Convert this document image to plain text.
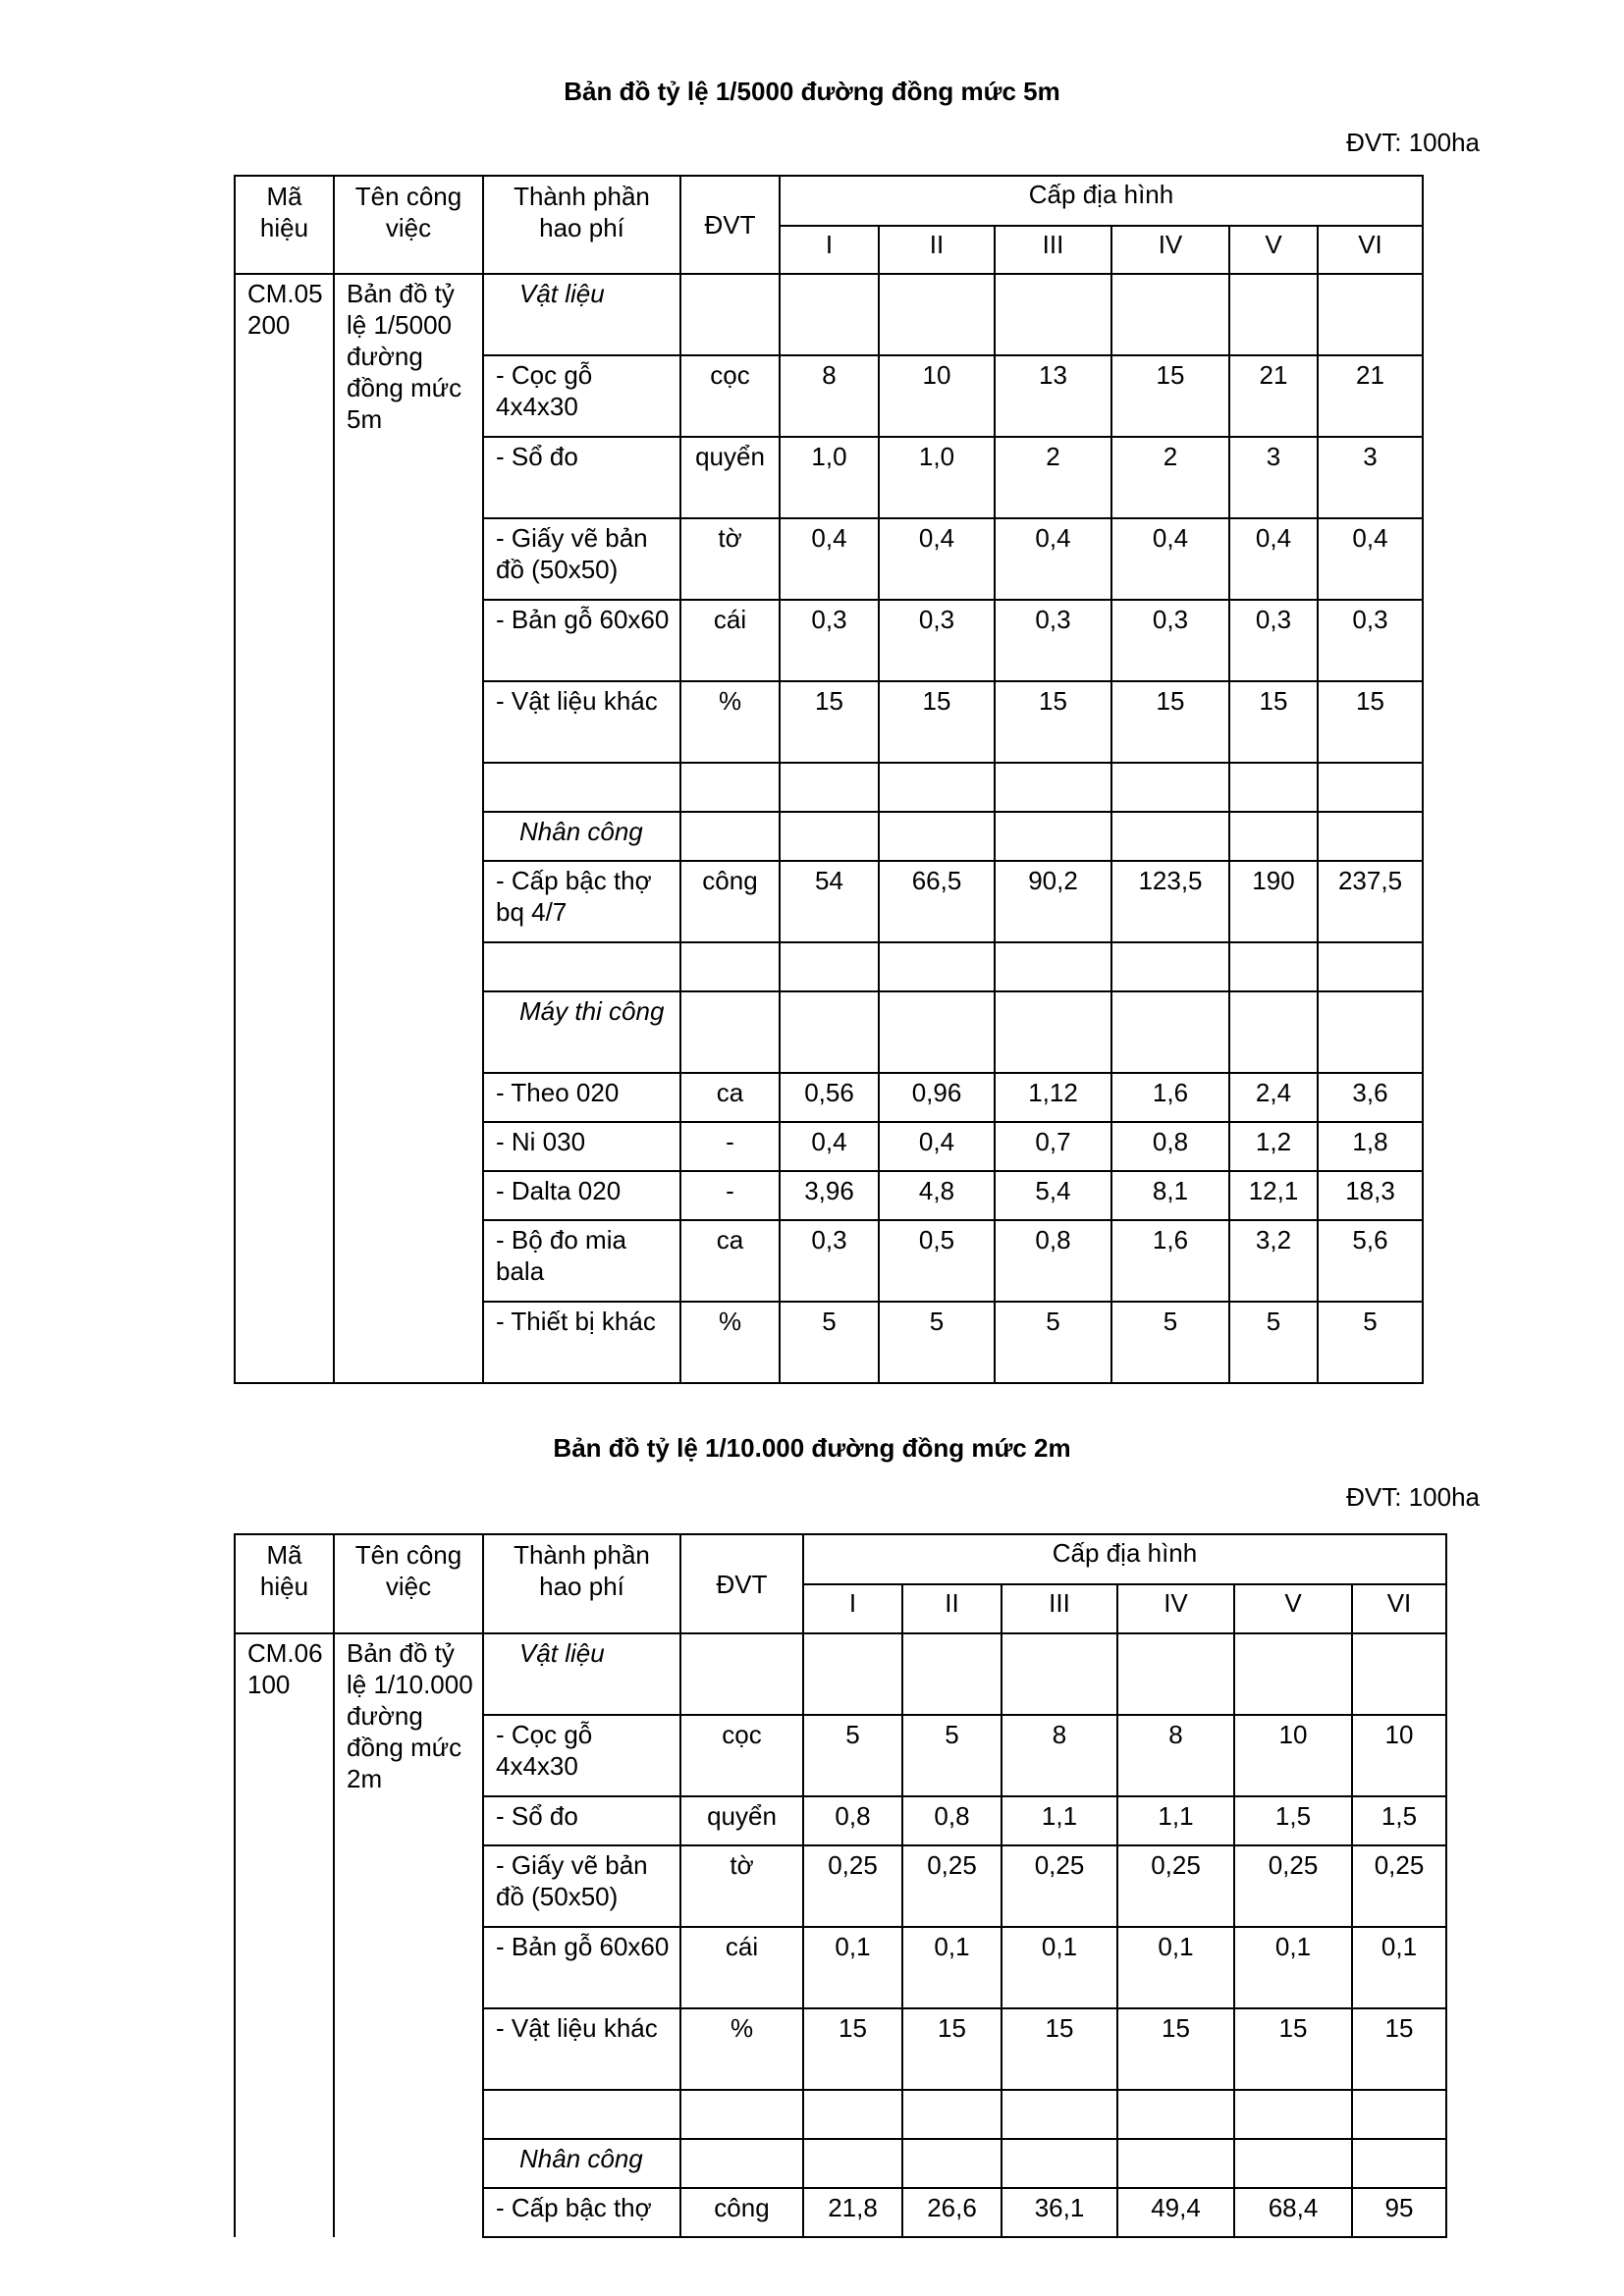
Bản đồ tỷ lệ 1/5000 đường đồng mức 5m
ĐVT: 100ha
Mã hiệu	Tên công việc	Thành phần hao phí	ĐVT	Cấp địa hình					
				I	II	III	IV	V	VI
CM.05200	Bản đồ tỷ lệ 1/5000 đường đồng mức 5m	Vật liệu							
		- Cọc gỗ 4x4x30	cọc	8	10	13	15	21	21
		- Sổ đo	quyển	1,0	1,0	2	2	3	3
		- Giấy vẽ bản đồ (50x50)	tờ	0,4	0,4	0,4	0,4	0,4	0,4
		- Bản gỗ 60x60	cái	0,3	0,3	0,3	0,3	0,3	0,3
		- Vật liệu khác	%	15	15	15	15	15	15

		Nhân công							
		- Cấp bậc thợ bq 4/7	công	54	66,5	90,2	123,5	190	237,5

		Máy thi công							
		- Theo 020	ca	0,56	0,96	1,12	1,6	2,4	3,6
		- Ni 030	-	0,4	0,4	0,7	0,8	1,2	1,8
		- Dalta 020	-	3,96	4,8	5,4	8,1	12,1	18,3
		- Bộ đo mia bala	ca	0,3	0,5	0,8	1,6	3,2	5,6
		- Thiết bị khác	%	5	5	5	5	5	5
Bản đồ tỷ lệ 1/10.000 đường đồng mức 2m
ĐVT: 100ha
Mã hiệu	Tên công việc	Thành phần hao phí	ĐVT	Cấp địa hình					
				I	II	III	IV	V	VI
CM.06100	Bản đồ tỷ lệ 1/10.000 đường đồng mức 2m	Vật liệu							
		- Cọc gỗ 4x4x30	cọc	5	5	8	8	10	10
		- Sổ đo	quyển	0,8	0,8	1,1	1,1	1,5	1,5
		- Giấy vẽ bản đồ (50x50)	tờ	0,25	0,25	0,25	0,25	0,25	0,25
		- Bản gỗ 60x60	cái	0,1	0,1	0,1	0,1	0,1	0,1
		- Vật liệu khác	%	15	15	15	15	15	15

		Nhân công							
		- Cấp bậc thợ	công	21,8	26,6	36,1	49,4	68,4	95
